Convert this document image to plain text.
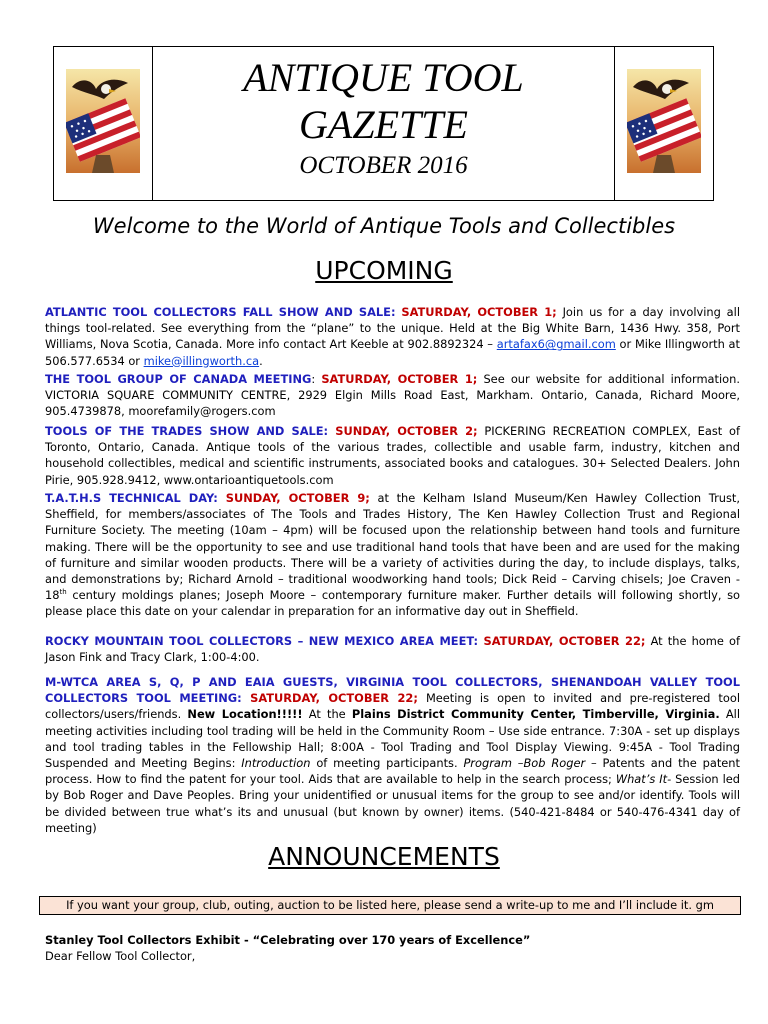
ANTIQUE TOOL
GAZETTE
OCTOBER 2016
Welcome to the World of Antique Tools and Collectibles
UPCOMING
ATLANTIC TOOL COLLECTORS FALL SHOW AND SALE: SATURDAY, OCTOBER 1; Join us for a day involving all things tool-related. See everything from the “plane” to the unique. Held at the Big White Barn, 1436 Hwy. 358, Port Williams, Nova Scotia, Canada. More info contact Art Keeble at 902.8892324 – artafax6@gmail.com or Mike Illingworth at 506.577.6534 or mike@illingworth.ca.
THE TOOL GROUP OF CANADA MEETING: SATURDAY, OCTOBER 1; See our website for additional information. VICTORIA SQUARE COMMUNITY CENTRE, 2929 Elgin Mills Road East, Markham. Ontario, Canada, Richard Moore, 905.4739878, moorefamily@rogers.com
TOOLS OF THE TRADES SHOW AND SALE: SUNDAY, OCTOBER 2; PICKERING RECREATION COMPLEX, East of Toronto, Ontario, Canada. Antique tools of the various trades, collectible and usable farm, industry, kitchen and household collectibles, medical and scientific instruments, associated books and catalogues. 30+ Selected Dealers. John Pirie, 905.928.9412, www.ontarioantiquetools.com
T.A.T.H.S TECHNICAL DAY: SUNDAY, OCTOBER 9; at the Kelham Island Museum/Ken Hawley Collection Trust, Sheffield, for members/associates of The Tools and Trades History, The Ken Hawley Collection Trust and Regional Furniture Society. The meeting (10am – 4pm) will be focused upon the relationship between hand tools and furniture making. There will be the opportunity to see and use traditional hand tools that have been and are used for the making of furniture and similar wooden products. There will be a variety of activities during the day, to include displays, talks, and demonstrations by; Richard Arnold – traditional woodworking hand tools; Dick Reid – Carving chisels; Joe Craven - 18th century moldings planes; Joseph Moore – contemporary furniture maker. Further details will following shortly, so please place this date on your calendar in preparation for an informative day out in Sheffield.
ROCKY MOUNTAIN TOOL COLLECTORS – NEW MEXICO AREA MEET: SATURDAY, OCTOBER 22; At the home of Jason Fink and Tracy Clark, 1:00-4:00.
M-WTCA AREA S, Q, P AND EAIA GUESTS, VIRGINIA TOOL COLLECTORS, SHENANDOAH VALLEY TOOL COLLECTORS TOOL MEETING: SATURDAY, OCTOBER 22; Meeting is open to invited and pre-registered tool collectors/users/friends. New Location!!!!! At the Plains District Community Center, Timberville, Virginia. All meeting activities including tool trading will be held in the Community Room – Use side entrance. 7:30A - set up displays and tool trading tables in the Fellowship Hall; 8:00A - Tool Trading and Tool Display Viewing. 9:45A - Tool Trading Suspended and Meeting Begins: Introduction of meeting participants. Program –Bob Roger – Patents and the patent process. How to find the patent for your tool. Aids that are available to help in the search process; What’s It- Session led by Bob Roger and Dave Peoples. Bring your unidentified or unusual items for the group to see and/or identify. Tools will be divided between true what’s its and unusual (but known by owner) items. (540-421-8484 or 540-476-4341 day of meeting)
ANNOUNCEMENTS
If you want your group, club, outing, auction to be listed here, please send a write-up to me and I’ll include it. gm
Stanley Tool Collectors Exhibit - “Celebrating over 170 years of Excellence”
Dear Fellow Tool Collector,
